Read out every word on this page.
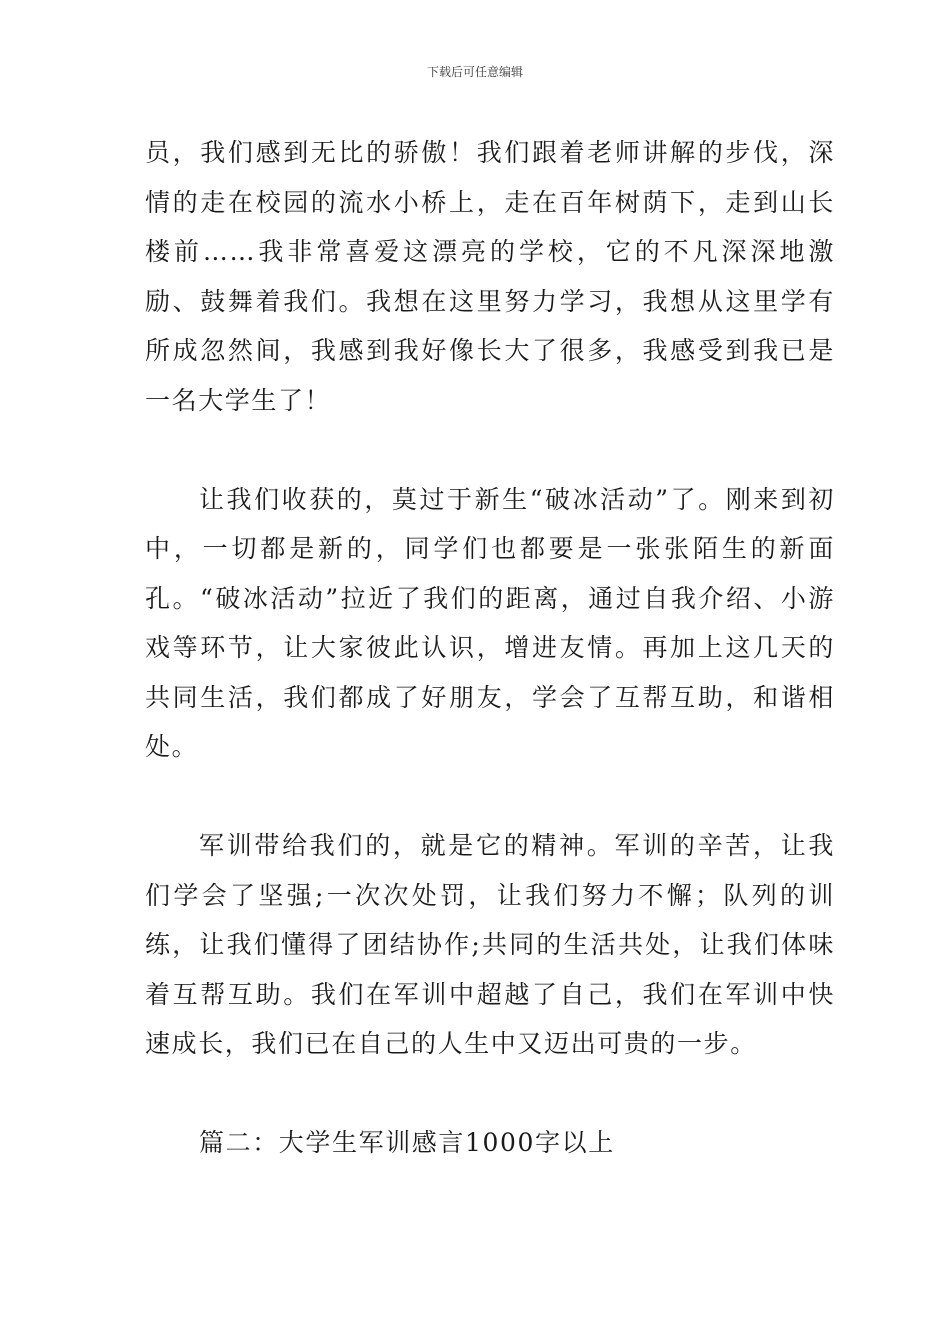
下载后可任意编辑

员，我们感到无比的骄傲！我们跟着老师讲解的步伐，深情的走在校园的流水小桥上，走在百年树荫下，走到山长楼前……我非常喜爱这漂亮的学校，它的不凡深深地激励、鼓舞着我们。我想在这里努力学习，我想从这里学有所成忽然间，我感到我好像长大了很多，我感受到我已是一名大学生了！

让我们收获的，莫过于新生“破冰活动”了。刚来到初中，一切都是新的，同学们也都要是一张张陌生的新面孔。“破冰活动”拉近了我们的距离，通过自我介绍、小游戏等环节，让大家彼此认识，增进友情。再加上这几天的共同生活，我们都成了好朋友，学会了互帮互助，和谐相处。

军训带给我们的，就是它的精神。军训的辛苦，让我们学会了坚强;一次次处罚，让我们努力不懈；队列的训练，让我们懂得了团结协作;共同的生活共处，让我们体味着互帮互助。我们在军训中超越了自己，我们在军训中快速成长，我们已在自己的人生中又迈出可贵的一步。

篇二：大学生军训感言1000字以上
